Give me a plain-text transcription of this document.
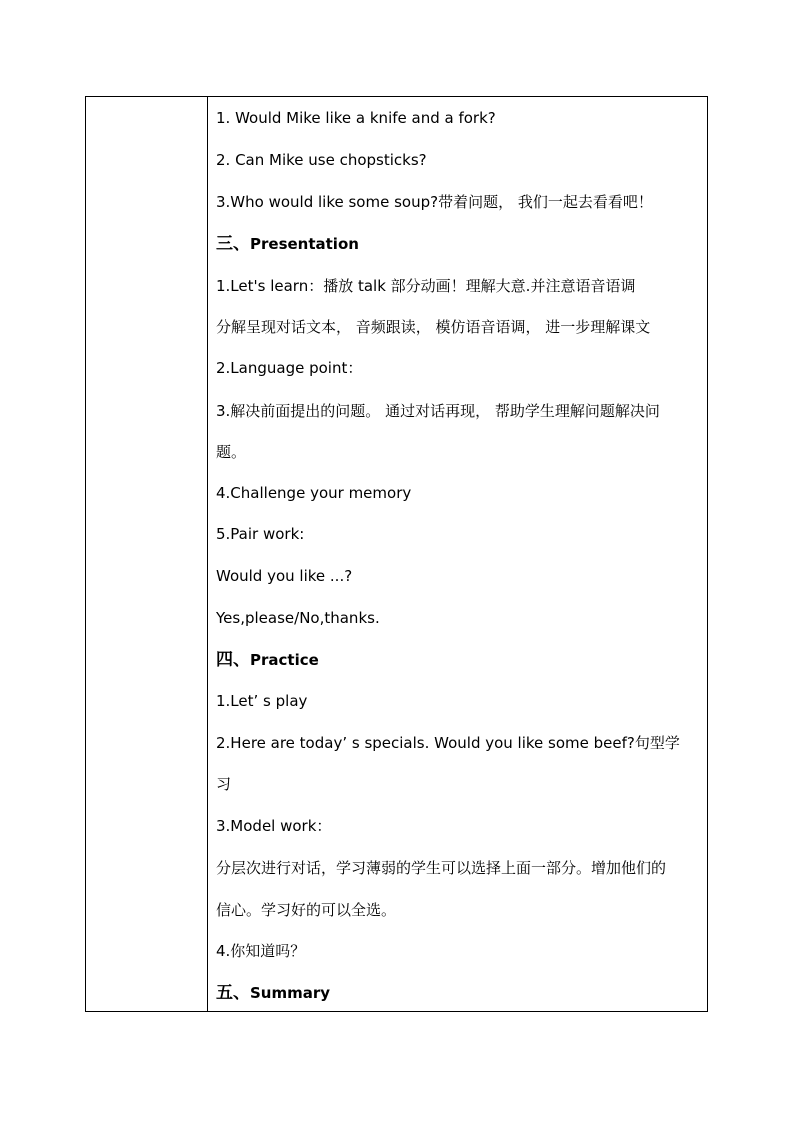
1. Would Mike like a knife and a fork?
2. Can Mike use chopsticks?
3.Who would like some soup?带着问题， 我们一起去看看吧！
三、Presentation
1.Let's learn：播放 talk 部分动画！理解大意.并注意语音语调
分解呈现对话文本， 音频跟读， 模仿语音语调， 进一步理解课文
2.Language point：
3.解决前面提出的问题。 通过对话再现， 帮助学生理解问题解决问
题。
4.Challenge your memory
5.Pair work:
Would you like ...?
Yes,please/No,thanks.
四、Practice
1.Let’ s play
2.Here are today’ s specials. Would you like some beef?句型学
习
3.Model work：
分层次进行对话，学习薄弱的学生可以选择上面一部分。增加他们的
信心。学习好的可以全选。
4.你知道吗？
五、Summary
